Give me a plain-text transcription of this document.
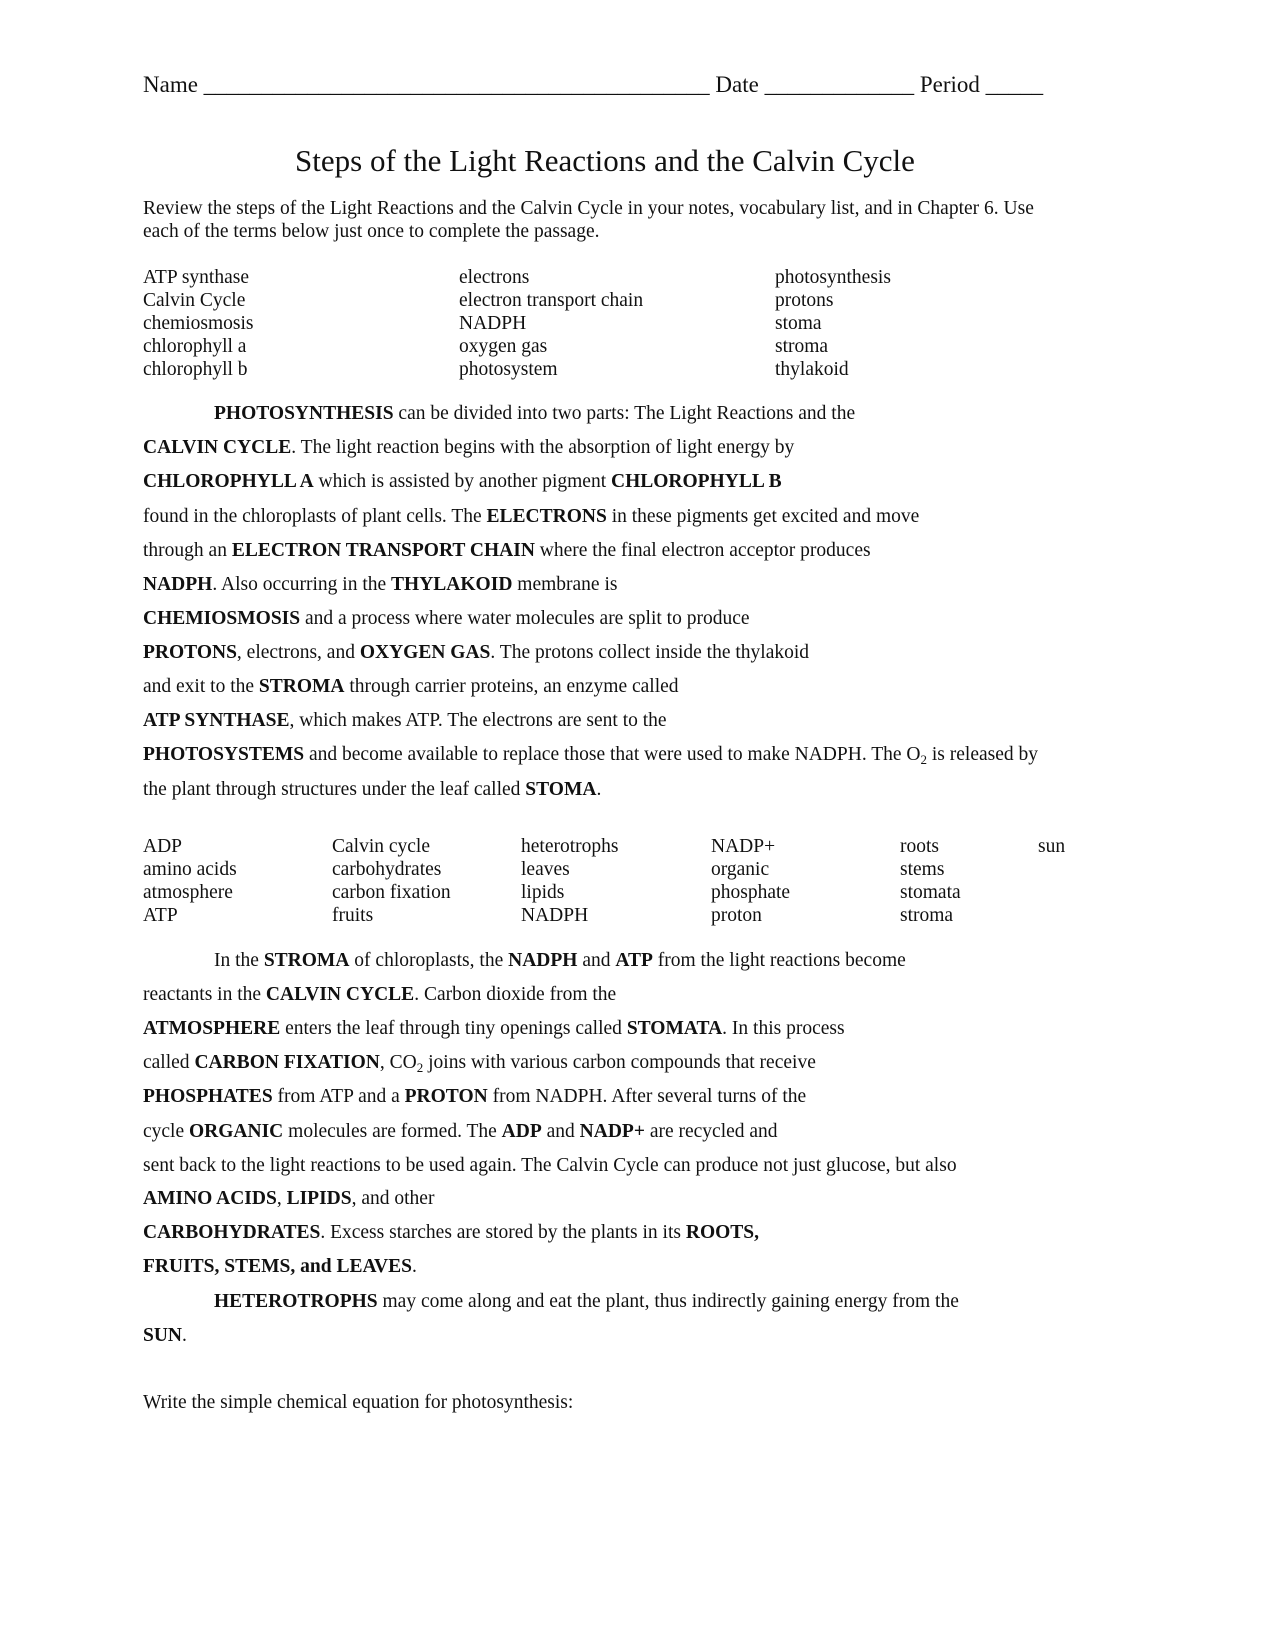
Name ____________________________________________ Date _____________ Period _____
Steps of the Light Reactions and the Calvin Cycle
Review the steps of the Light Reactions and the Calvin Cycle in your notes, vocabulary list, and in Chapter 6. Use
each of the terms below just once to complete the passage.
ATP synthase
Calvin Cycle
chemiosmosis
chlorophyll a
chlorophyll b
electrons
electron transport chain
NADPH
oxygen gas
photosystem
photosynthesis
protons
stoma
stroma
thylakoid
PHOTOSYNTHESIS can be divided into two parts: The Light Reactions and the
CALVIN CYCLE. The light reaction begins with the absorption of light energy by
CHLOROPHYLL A which is assisted by another pigment CHLOROPHYLL B
found in the chloroplasts of plant cells. The ELECTRONS in these pigments get excited and move
through an ELECTRON TRANSPORT CHAIN where the final electron acceptor produces
NADPH. Also occurring in the THYLAKOID membrane is
CHEMIOSMOSIS and a process where water molecules are split to produce
PROTONS, electrons, and OXYGEN GAS. The protons collect inside the thylakoid
and exit to the STROMA through carrier proteins, an enzyme called
ATP SYNTHASE, which makes ATP. The electrons are sent to the
PHOTOSYSTEMS and become available to replace those that were used to make NADPH. The $O_2$ is released by
the plant through structures under the leaf called STOMA.
ADP
amino acids
atmosphere
ATP
Calvin cycle
carbohydrates
carbon fixation
fruits
heterotrophs
leaves
lipids
NADPH
NADP+
organic
phosphate
proton
roots
stems
stomata
stroma
sun
In the STROMA of chloroplasts, the NADPH and ATP from the light reactions become
reactants in the CALVIN CYCLE. Carbon dioxide from the
ATMOSPHERE enters the leaf through tiny openings called STOMATA. In this process
called CARBON FIXATION, $CO_2$ joins with various carbon compounds that receive
PHOSPHATES from ATP and a PROTON from NADPH. After several turns of the
cycle ORGANIC molecules are formed. The ADP and NADP+ are recycled and
sent back to the light reactions to be used again. The Calvin Cycle can produce not just glucose, but also
AMINO ACIDS, LIPIDS, and other
CARBOHYDRATES. Excess starches are stored by the plants in its ROOTS,
FRUITS, STEMS, and LEAVES.
HETEROTROPHS may come along and eat the plant, thus indirectly gaining energy from the
SUN.
Write the simple chemical equation for photosynthesis:
